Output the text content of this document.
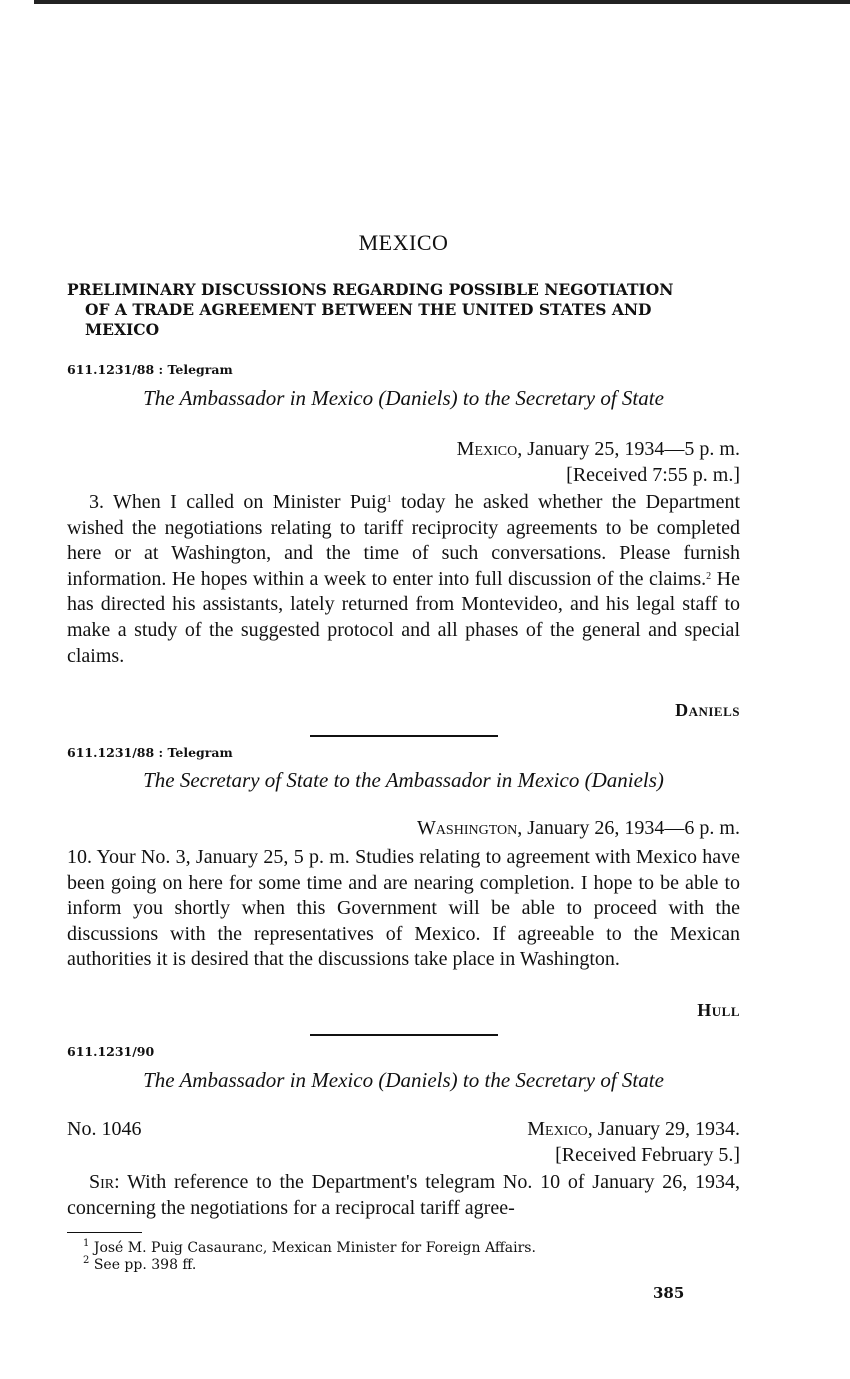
MEXICO
PRELIMINARY DISCUSSIONS REGARDING POSSIBLE NEGOTIATION
OF A TRADE AGREEMENT BETWEEN THE UNITED STATES AND
MEXICO
611.1231/88 : Telegram
The Ambassador in Mexico (Daniels) to the Secretary of State
Mexico, January 25, 1934—5 p. m.
[Received 7:55 p. m.]
3. When I called on Minister Puig$^1$ today he asked whether the Department wished the negotiations relating to tariff reciprocity agreements to be completed here or at Washington, and the time of such conversations. Please furnish information. He hopes within a week to enter into full discussion of the claims.$^2$ He has directed his assistants, lately returned from Montevideo, and his legal staff to make a study of the suggested protocol and all phases of the general and special claims.
Daniels
611.1231/88 : Telegram
The Secretary of State to the Ambassador in Mexico (Daniels)
Washington, January 26, 1934—6 p. m.
10. Your No. 3, January 25, 5 p. m. Studies relating to agreement with Mexico have been going on here for some time and are nearing completion. I hope to be able to inform you shortly when this Government will be able to proceed with the discussions with the representatives of Mexico. If agreeable to the Mexican authorities it is desired that the discussions take place in Washington.
Hull
611.1231/90
The Ambassador in Mexico (Daniels) to the Secretary of State
No. 1046	Mexico, January 29, 1934.
[Received February 5.]
Sir: With reference to the Department's telegram No. 10 of January 26, 1934, concerning the negotiations for a reciprocal tariff agree-
$^1$ José M. Puig Casauranc, Mexican Minister for Foreign Affairs.
$^2$ See pp. 398 ff.
385
